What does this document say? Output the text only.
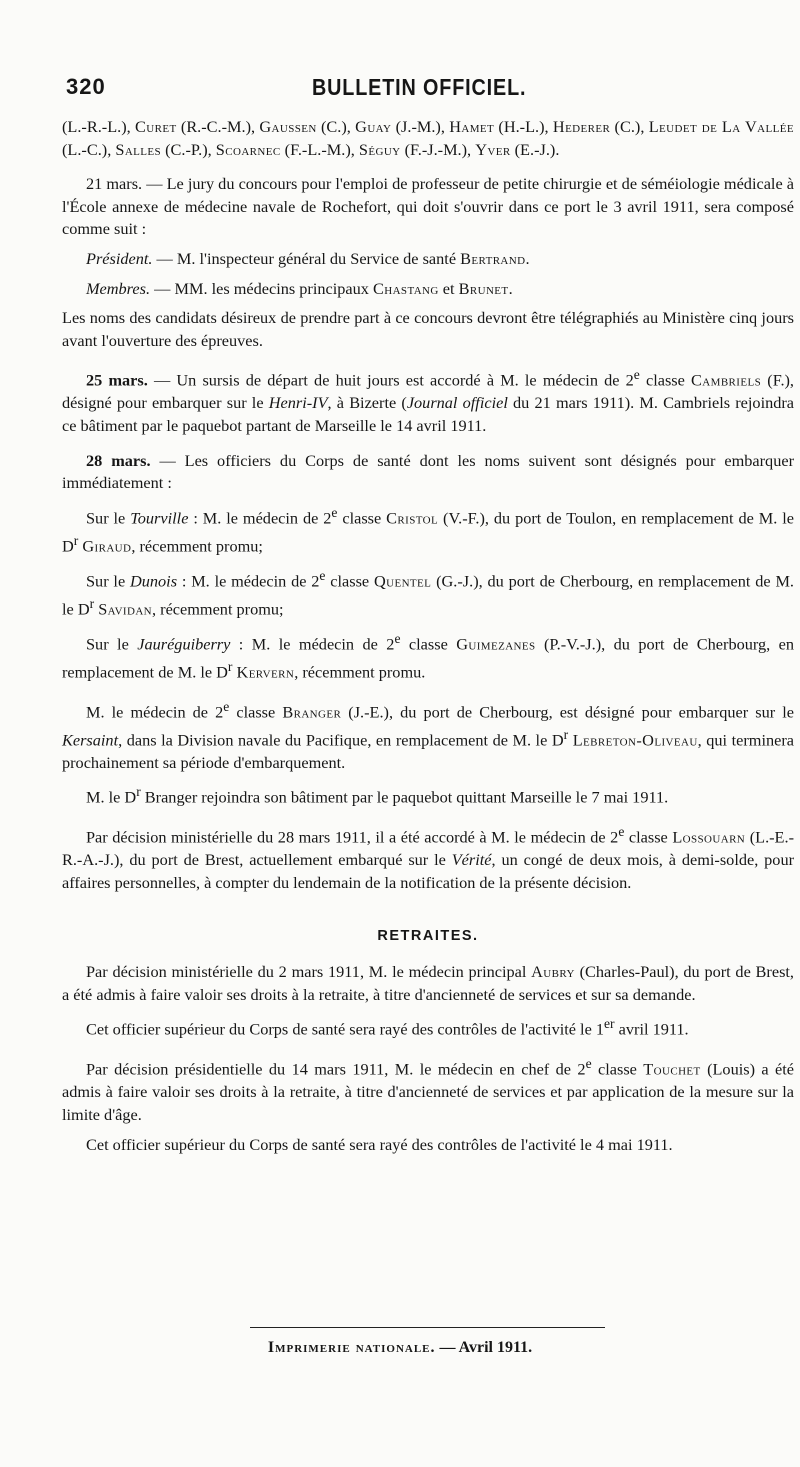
320	BULLETIN OFFICIEL.

(L.-R.-L.), Curet (R.-C.-M.), Gaussen (C.), Guay (J.-M.), Hamet (H.-L.), Hederer (C.), Leudet de La Vallée (L.-C.), Salles (C.-P.), Scoarnec (F.-L.-M.), Séguy (F.-J.-M.), Yver (E.-J.).

21 mars. — Le jury du concours pour l'emploi de professeur de petite chirurgie et de séméiologie médicale à l'École annexe de médecine navale de Rochefort, qui doit s'ouvrir dans ce port le 3 avril 1911, sera composé comme suit :

Président. — M. l'inspecteur général du Service de santé Bertrand.

Membres. — MM. les médecins principaux Chastang et Brunet.

Les noms des candidats désireux de prendre part à ce concours devront être télégraphiés au Ministère cinq jours avant l'ouverture des épreuves.

25 mars. — Un sursis de départ de huit jours est accordé à M. le médecin de 2e classe Cambriels (F.), désigné pour embarquer sur le Henri-IV, à Bizerte (Journal officiel du 21 mars 1911). M. Cambriels rejoindra ce bâtiment par le paquebot partant de Marseille le 14 avril 1911.

28 mars. — Les officiers du Corps de santé dont les noms suivent sont désignés pour embarquer immédiatement :

Sur le Tourville : M. le médecin de 2e classe Cristol (V.-F.), du port de Toulon, en remplacement de M. le $D^r$ Giraud, récemment promu;

Sur le Dunois : M. le médecin de 2e classe Quentel (G.-J.), du port de Cherbourg, en remplacement de M. le $D^r$ Savidan, récemment promu;

Sur le Jauréguiberry : M. le médecin de 2e classe Guimezanes (P.-V.-J.), du port de Cherbourg, en remplacement de M. le $D^r$ Kervern, récemment promu.

M. le médecin de 2e classe Branger (J.-E.), du port de Cherbourg, est désigné pour embarquer sur le Kersaint, dans la Division navale du Pacifique, en remplacement de M. le $D^r$ Lebreton-Oliveau, qui terminera prochainement sa période d'embarquement.

M. le $D^r$ Branger rejoindra son bâtiment par le paquebot quittant Marseille le 7 mai 1911.

Par décision ministérielle du 28 mars 1911, il a été accordé à M. le médecin de 2e classe Lossouarn (L.-E.-R.-A.-J.), du port de Brest, actuellement embarqué sur le Vérité, un congé de deux mois, à demi-solde, pour affaires personnelles, à compter du lendemain de la notification de la présente décision.

RETRAITES.

Par décision ministérielle du 2 mars 1911, M. le médecin principal Aubry (Charles-Paul), du port de Brest, a été admis à faire valoir ses droits à la retraite, à titre d'ancienneté de services et sur sa demande.

Cet officier supérieur du Corps de santé sera rayé des contrôles de l'activité le 1er avril 1911.

Par décision présidentielle du 14 mars 1911, M. le médecin en chef de 2e classe Touchet (Louis) a été admis à faire valoir ses droits à la retraite, à titre d'ancienneté de services et par application de la mesure sur la limite d'âge.

Cet officier supérieur du Corps de santé sera rayé des contrôles de l'activité le 4 mai 1911.

Imprimerie nationale. — Avril 1911.
